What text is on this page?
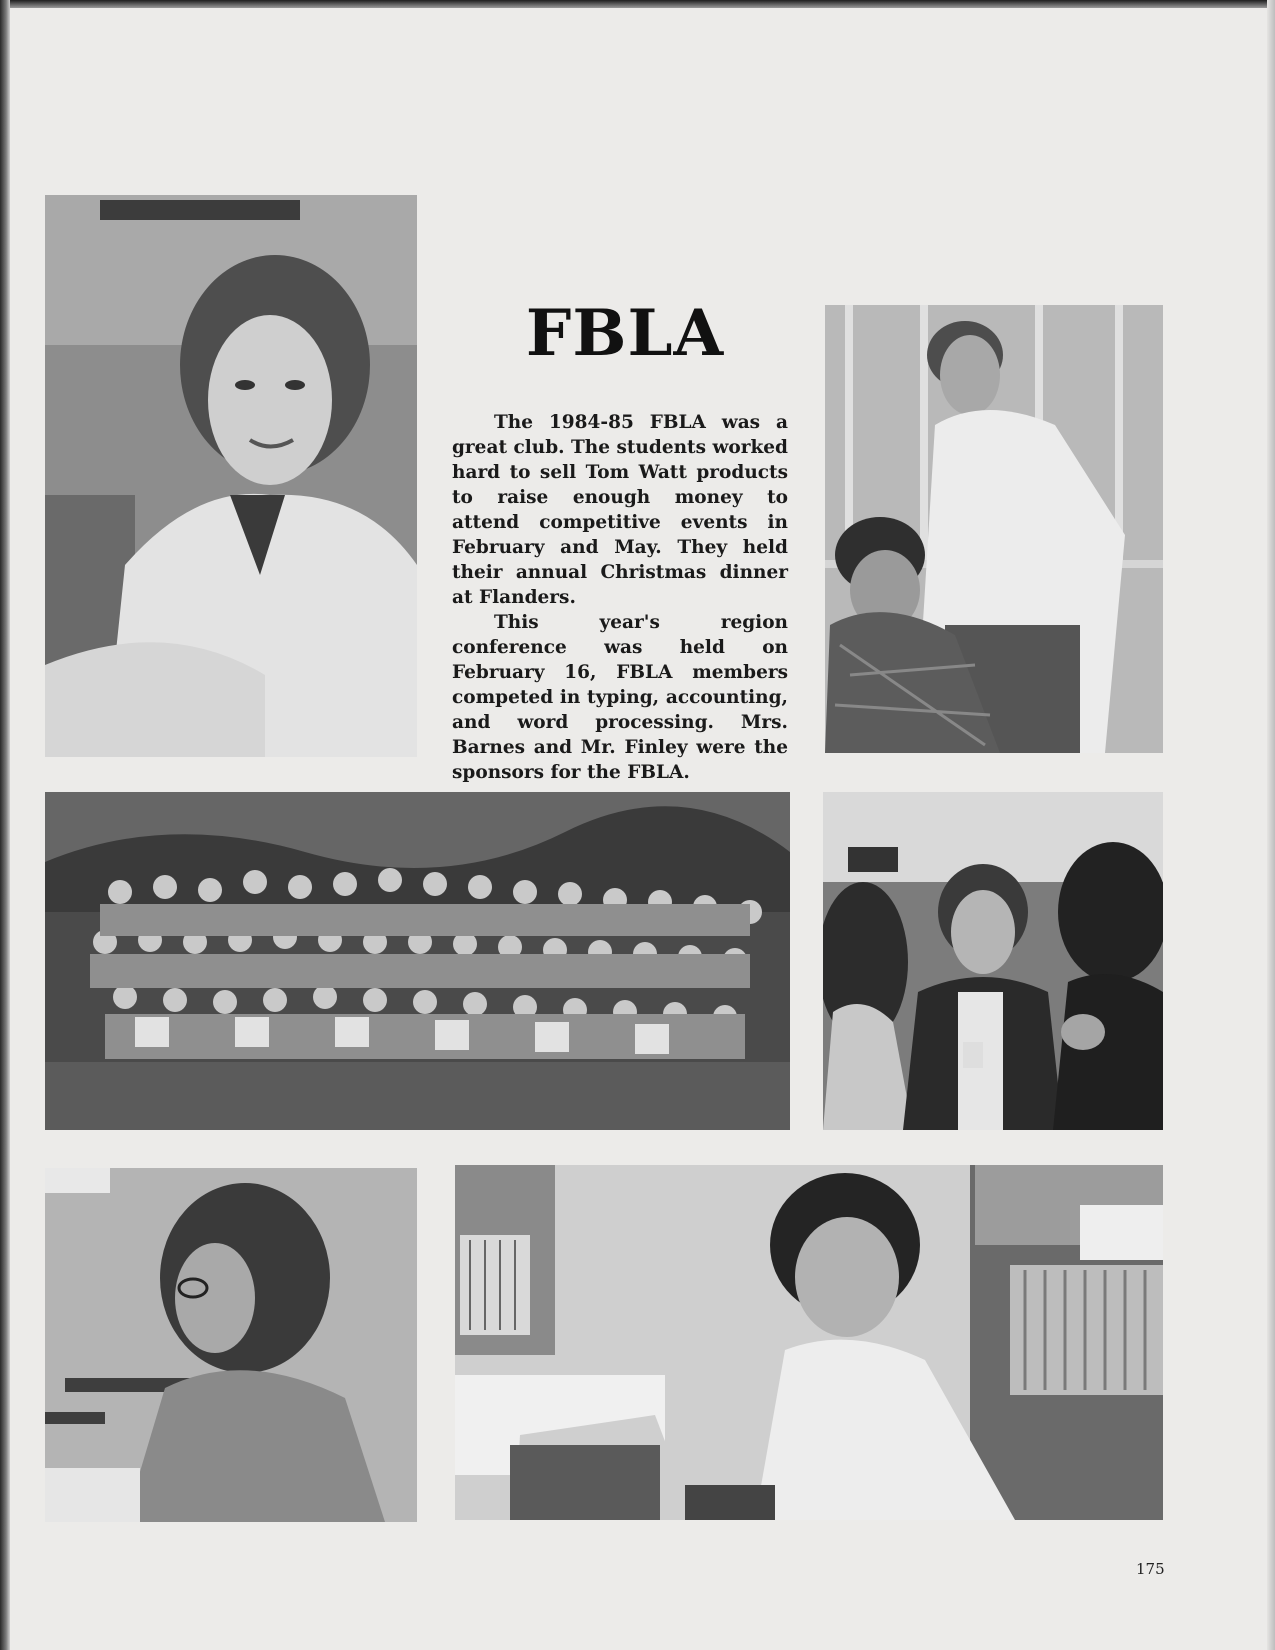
FBLA

The 1984-85 FBLA was a great club. The students worked hard to sell Tom Watt products to raise enough money to attend competitive events in February and May. They held their annual Christmas dinner at Flanders.

This year's region conference was held on February 16, FBLA members competed in typing, accounting, and word processing. Mrs. Barnes and Mr. Finley were the sponsors for the FBLA.

175
